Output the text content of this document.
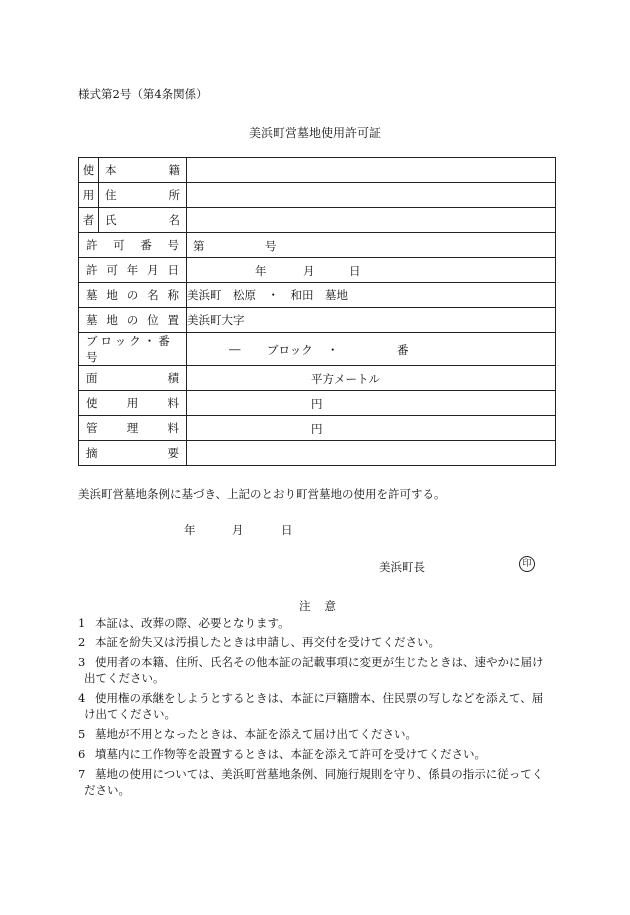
様式第2号（第4条関係）
美浜町営墓地使用許可証
使	本 籍	

用	住 所	

者	氏 名	

許 可 番 号		第 号

許 可 年 月 日		年 月 日

墓 地 の 名 称		美浜町　松原　・　和田　墓地

墓 地 の 位 置		美浜町大字

ブロック・番号		― ブロック ・ 番

面 積		平方メートル

使 用 料		円

管 理 料		円

摘 要		

美浜町営墓地条例に基づき、上記のとおり町営墓地の使用を許可する。
年	月	日
美浜町長	印
注意
1 本証は、改葬の際、必要となります。
2 本証を紛失又は汚損したときは申請し、再交付を受けてください。
3 使用者の本籍、住所、氏名その他本証の記載事項に変更が生じたときは、速やかに届け
出てください。
4 使用権の承継をしようとするときは、本証に戸籍謄本、住民票の写しなどを添えて、届
け出てください。
5 墓地が不用となったときは、本証を添えて届け出てください。
6 墳墓内に工作物等を設置するときは、本証を添えて許可を受けてください。
7 墓地の使用については、美浜町営墓地条例、同施行規則を守り、係員の指示に従ってく
ださい。
